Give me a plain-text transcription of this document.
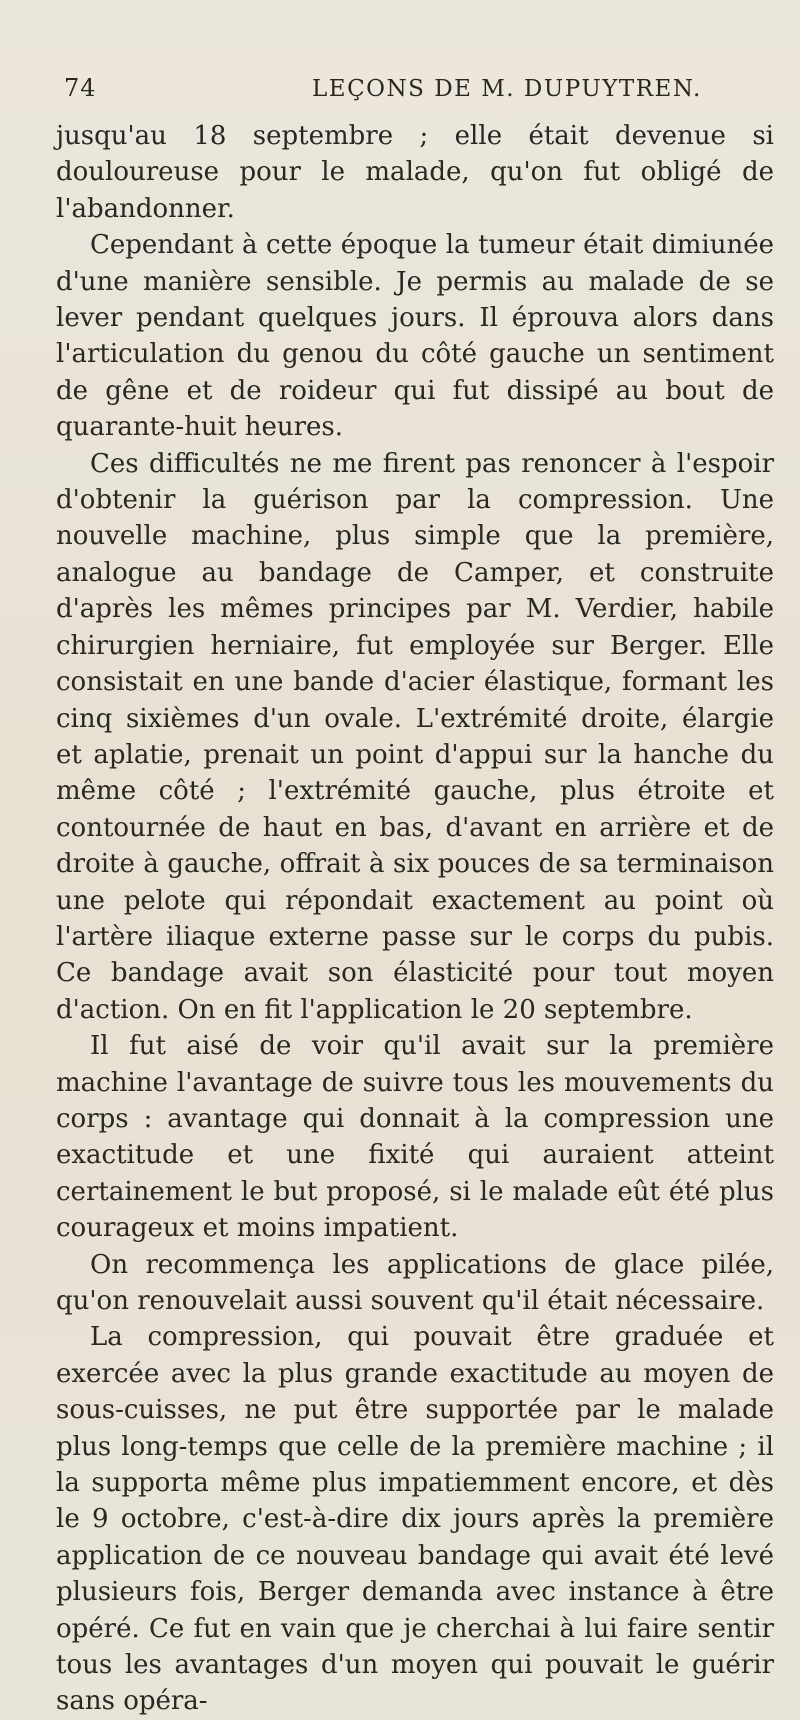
74	LEÇONS DE M. DUPUYTREN.

jusqu'au 18 septembre ; elle était devenue si douloureuse pour le malade, qu'on fut obligé de l'abandonner.

Cependant à cette époque la tumeur était dimiunée d'une manière sensible. Je permis au malade de se lever pendant quelques jours. Il éprouva alors dans l'articulation du genou du côté gauche un sentiment de gêne et de roideur qui fut dissipé au bout de quarante-huit heures.

Ces difficultés ne me firent pas renoncer à l'espoir d'obtenir la guérison par la compression. Une nouvelle machine, plus simple que la première, analogue au bandage de Camper, et construite d'après les mêmes principes par M. Verdier, habile chirurgien herniaire, fut employée sur Berger. Elle consistait en une bande d'acier élastique, formant les cinq sixièmes d'un ovale. L'extrémité droite, élargie et aplatie, prenait un point d'appui sur la hanche du même côté ; l'extrémité gauche, plus étroite et contournée de haut en bas, d'avant en arrière et de droite à gauche, offrait à six pouces de sa terminaison une pelote qui répondait exactement au point où l'artère iliaque externe passe sur le corps du pubis. Ce bandage avait son élasticité pour tout moyen d'action. On en fit l'application le 20 septembre.

Il fut aisé de voir qu'il avait sur la première machine l'avantage de suivre tous les mouvements du corps : avantage qui donnait à la compression une exactitude et une fixité qui auraient atteint certainement le but proposé, si le malade eût été plus courageux et moins impatient.

On recommença les applications de glace pilée, qu'on renouvelait aussi souvent qu'il était nécessaire.

La compression, qui pouvait être graduée et exercée avec la plus grande exactitude au moyen de sous-cuisses, ne put être supportée par le malade plus long-temps que celle de la première machine ; il la supporta même plus impatiemment encore, et dès le 9 octobre, c'est-à-dire dix jours après la première application de ce nouveau bandage qui avait été levé plusieurs fois, Berger demanda avec instance à être opéré. Ce fut en vain que je cherchai à lui faire sentir tous les avantages d'un moyen qui pouvait le guérir sans opéra-
